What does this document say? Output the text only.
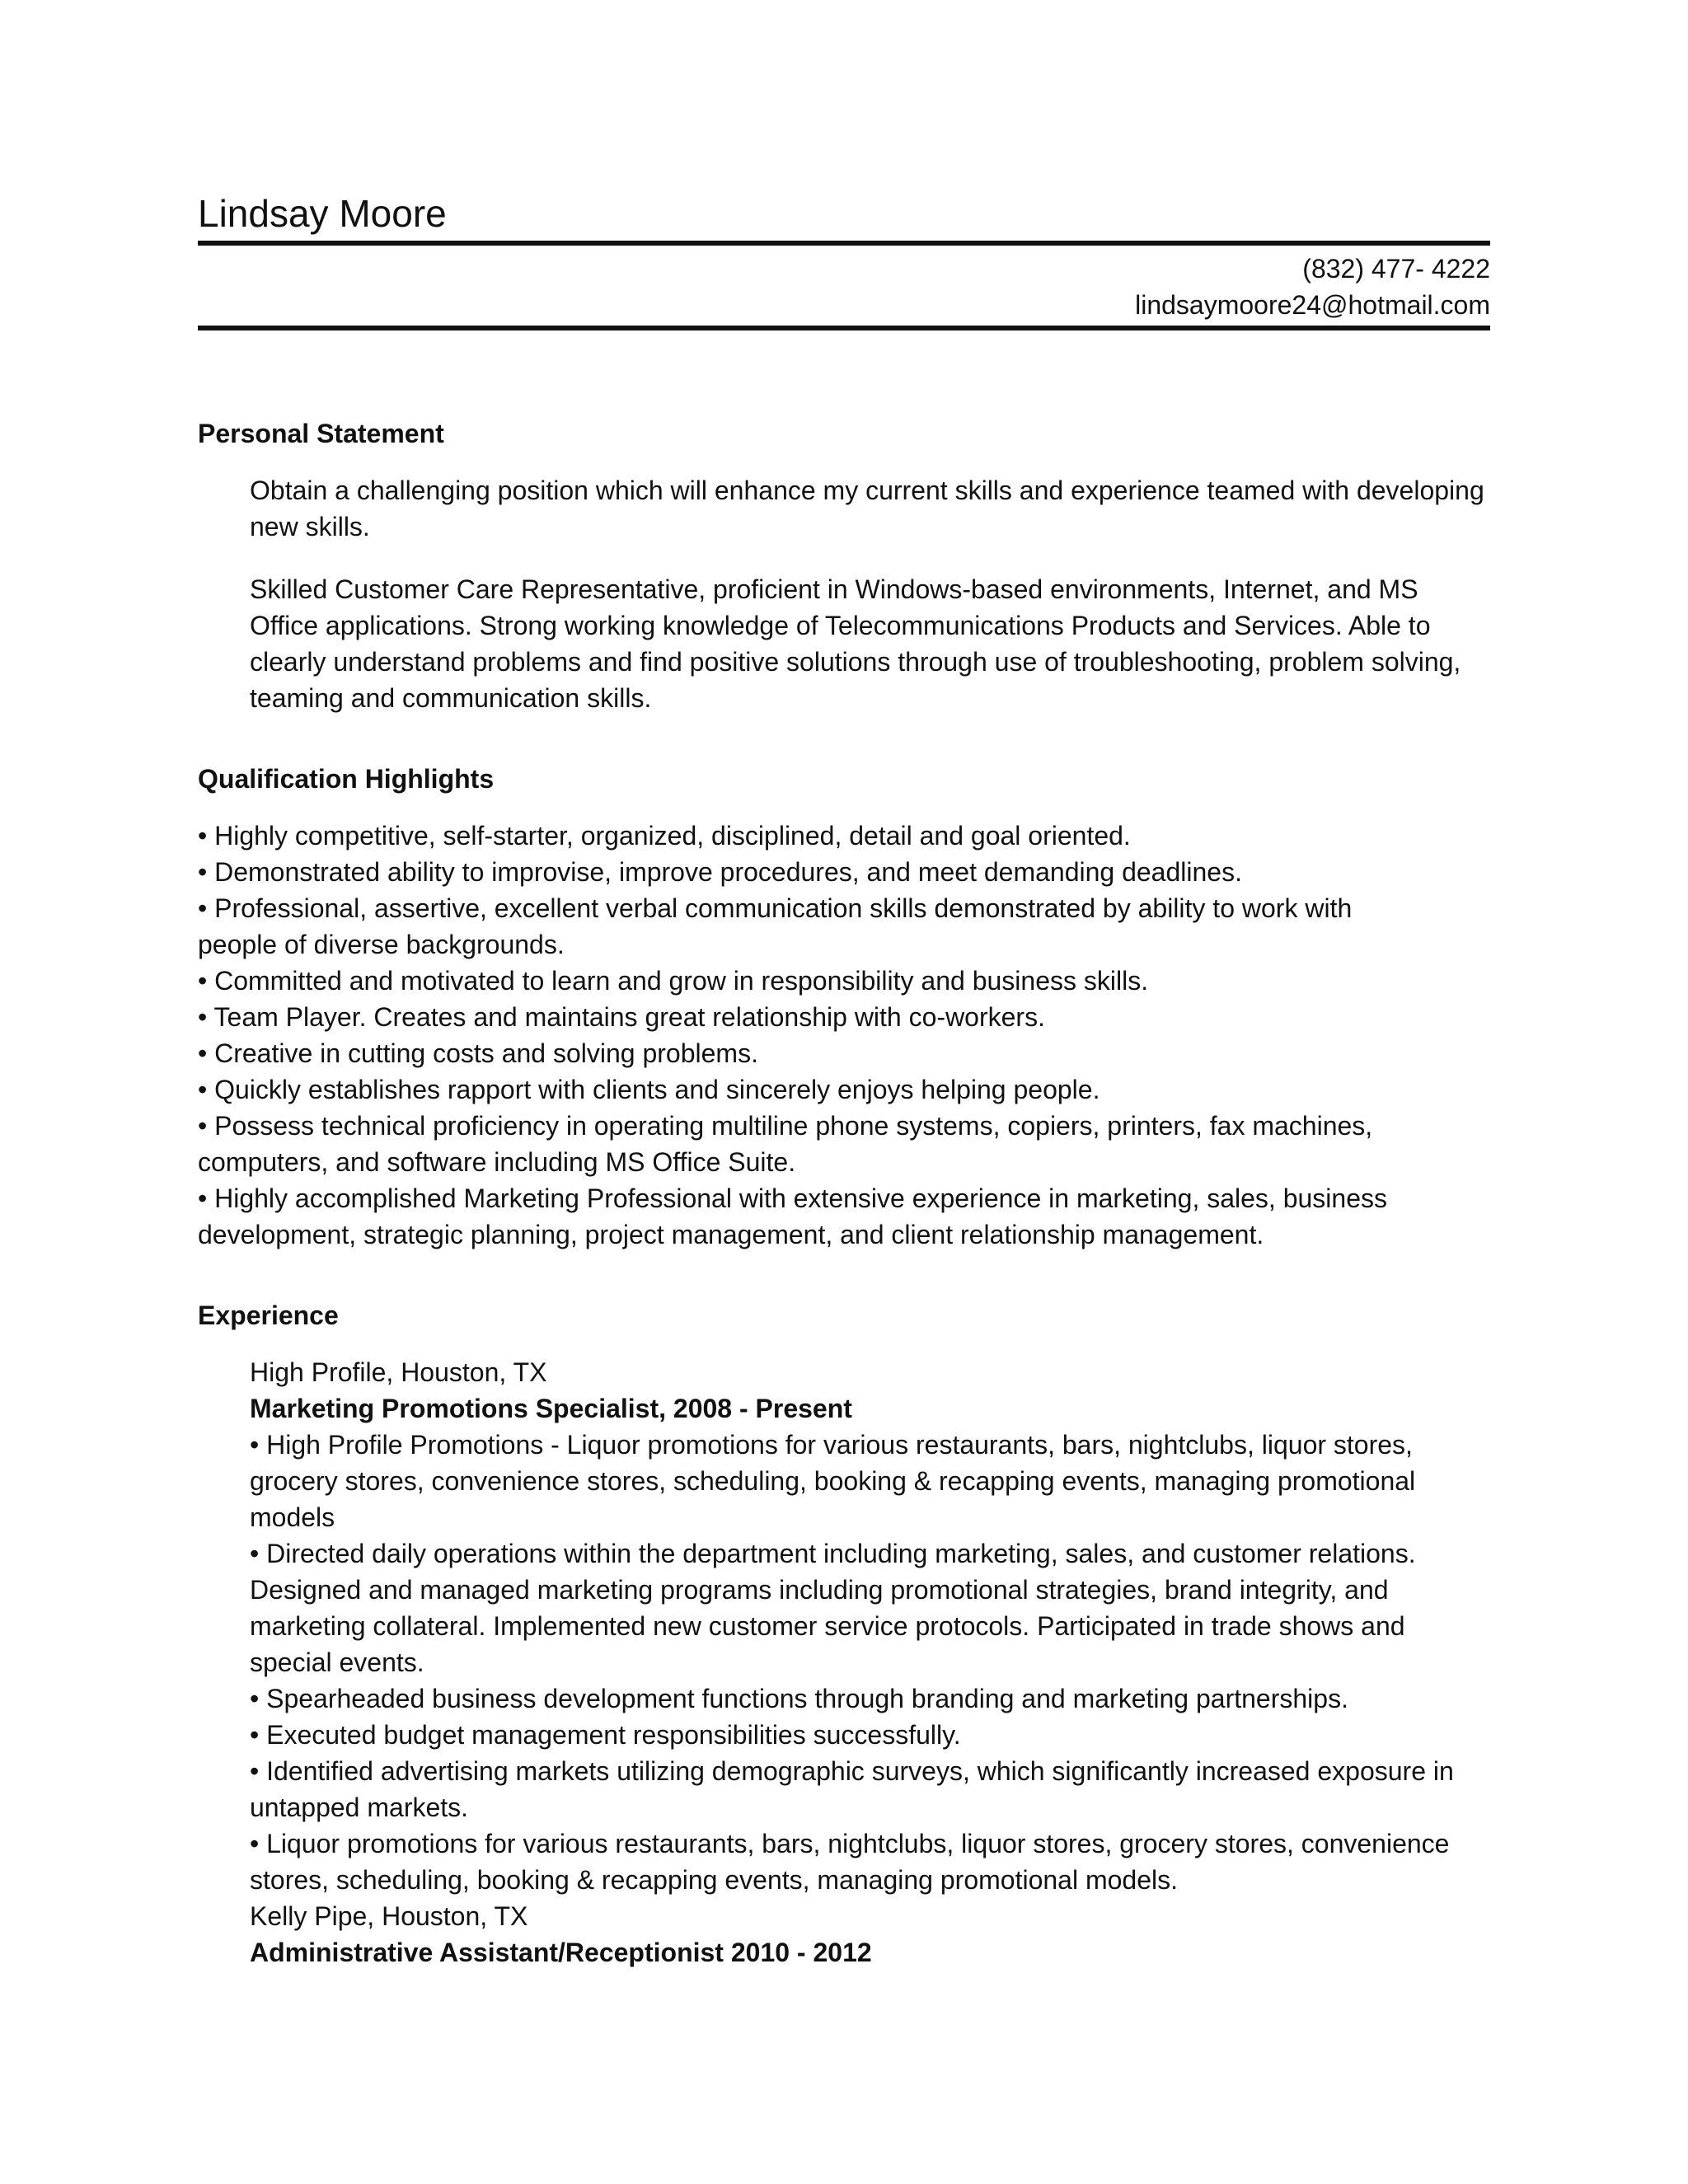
Lindsay Moore
(832) 477- 4222
lindsaymoore24@hotmail.com
Personal Statement

Obtain a challenging position which will enhance my current skills and experience teamed with developing new skills.

Skilled Customer Care Representative, proficient in Windows-based environments, Internet, and MS Office applications. Strong working knowledge of Telecommunications Products and Services. Able to clearly understand problems and find positive solutions through use of troubleshooting, problem solving, teaming and communication skills.

Qualification Highlights
• Highly competitive, self-starter, organized, disciplined, detail and goal oriented.
• Demonstrated ability to improvise, improve procedures, and meet demanding deadlines.
• Professional, assertive, excellent verbal communication skills demonstrated by ability to work with people of diverse backgrounds.
• Committed and motivated to learn and grow in responsibility and business skills.
• Team Player. Creates and maintains great relationship with co-workers.
• Creative in cutting costs and solving problems.
• Quickly establishes rapport with clients and sincerely enjoys helping people.
• Possess technical proficiency in operating multiline phone systems, copiers, printers, fax machines, computers, and software including MS Office Suite.
• Highly accomplished Marketing Professional with extensive experience in marketing, sales, business development, strategic planning, project management, and client relationship management.
Experience
High Profile, Houston, TX
Marketing Promotions Specialist, 2008 - Present
• High Profile Promotions - Liquor promotions for various restaurants, bars, nightclubs, liquor stores, grocery stores, convenience stores, scheduling, booking & recapping events, managing promotional models
• Directed daily operations within the department including marketing, sales, and customer relations. Designed and managed marketing programs including promotional strategies, brand integrity, and marketing collateral. Implemented new customer service protocols. Participated in trade shows and special events.
• Spearheaded business development functions through branding and marketing partnerships.
• Executed budget management responsibilities successfully.
• Identified advertising markets utilizing demographic surveys, which significantly increased exposure in untapped markets.
• Liquor promotions for various restaurants, bars, nightclubs, liquor stores, grocery stores, convenience stores, scheduling, booking & recapping events, managing promotional models.
Kelly Pipe, Houston, TX
Administrative Assistant/Receptionist 2010 - 2012
